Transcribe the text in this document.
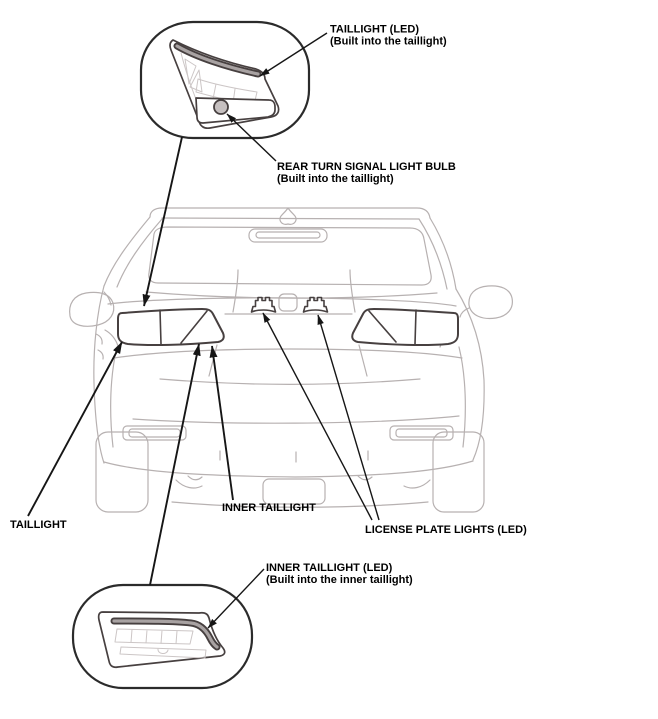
TAILLIGHT (LED)
(Built into the taillight)
REAR TURN SIGNAL LIGHT BULB
(Built into the taillight)
TAILLIGHT
INNER TAILLIGHT
LICENSE PLATE LIGHTS (LED)
INNER TAILLIGHT (LED)
(Built into the inner taillight)
